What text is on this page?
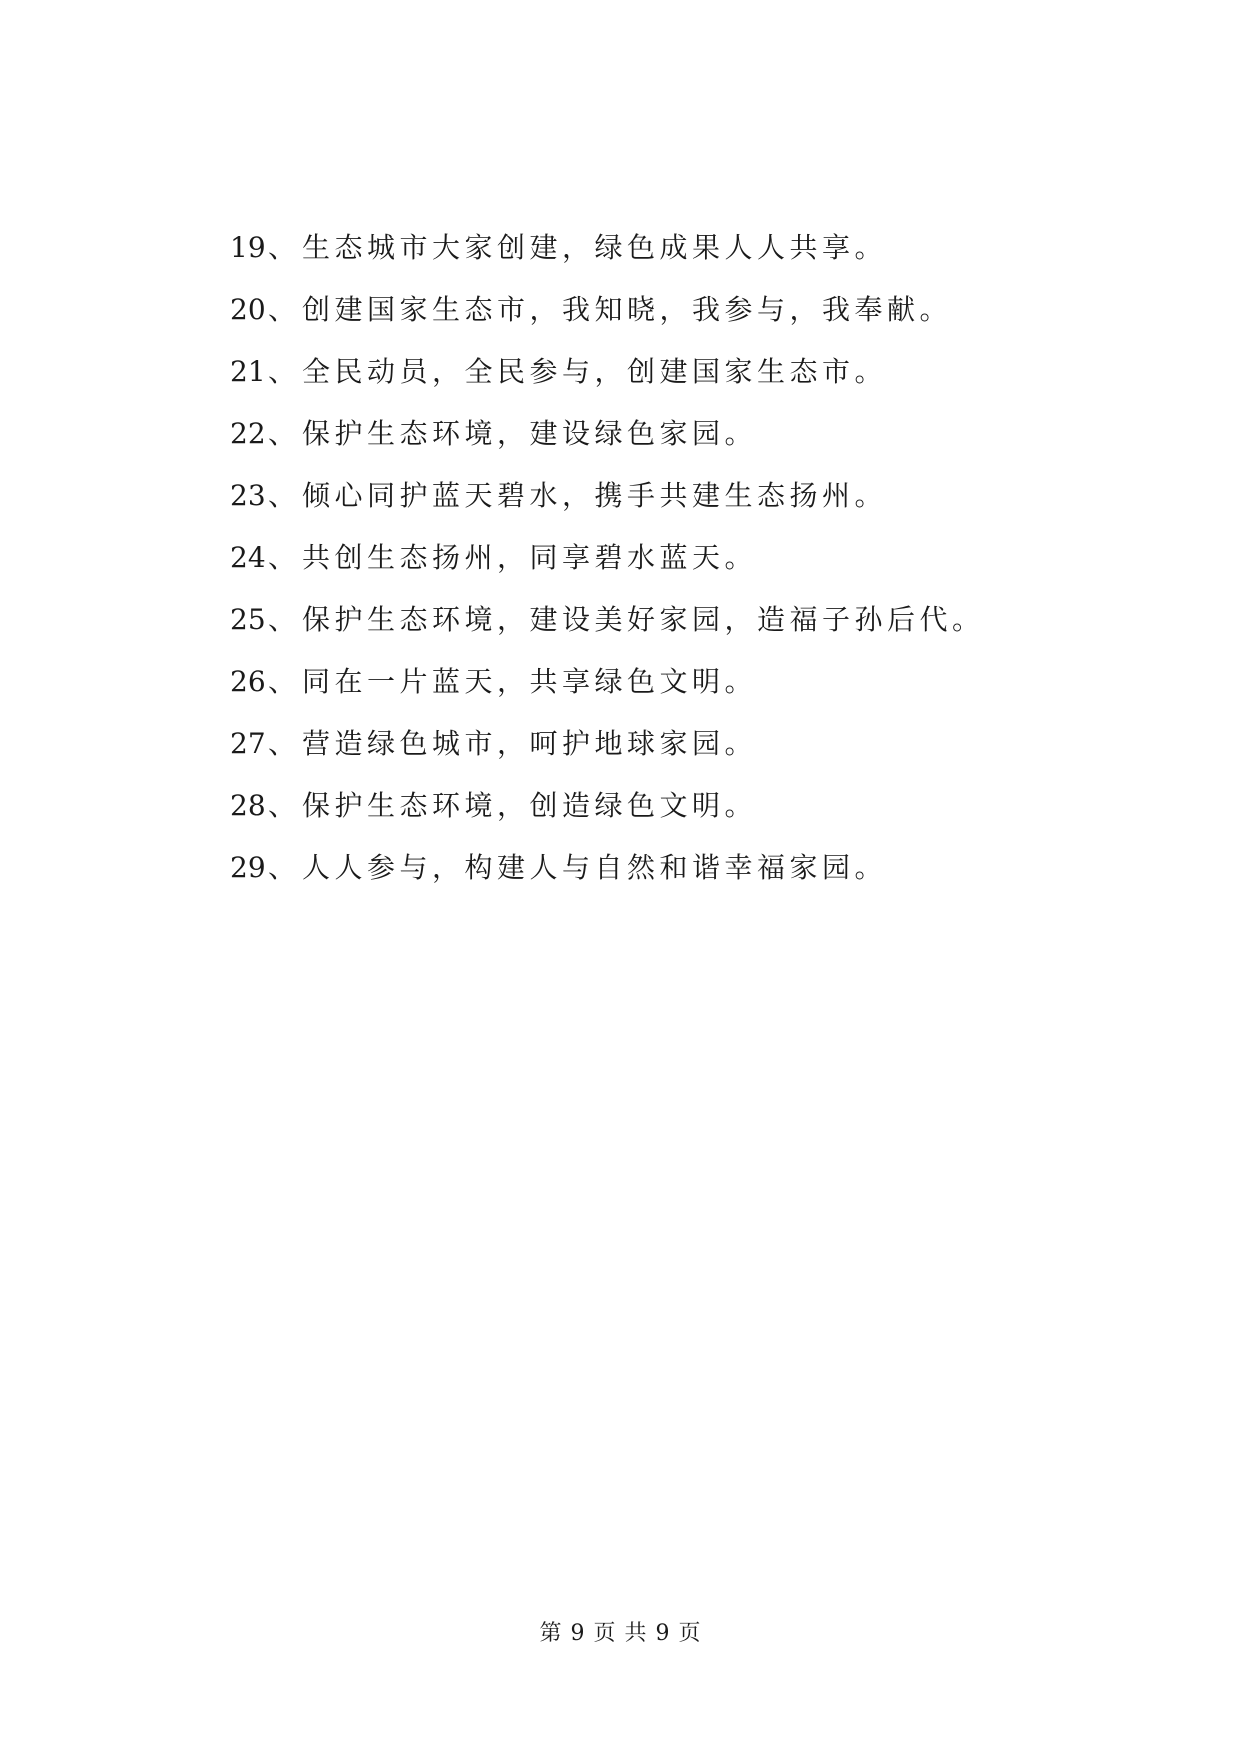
19、 生态城市大家创建，绿色成果人人共享。
20、 创建国家生态市，我知晓，我参与，我奉献。
21、 全民动员，全民参与，创建国家生态市。
22、 保护生态环境，建设绿色家园。
23、 倾心同护蓝天碧水，携手共建生态扬州。
24、 共创生态扬州，同享碧水蓝天。
25、 保护生态环境，建设美好家园，造福子孙后代。
26、 同在一片蓝天，共享绿色文明。
27、 营造绿色城市，呵护地球家园。
28、 保护生态环境，创造绿色文明。
29、 人人参与，构建人与自然和谐幸福家园。
第 9 页 共 9 页
